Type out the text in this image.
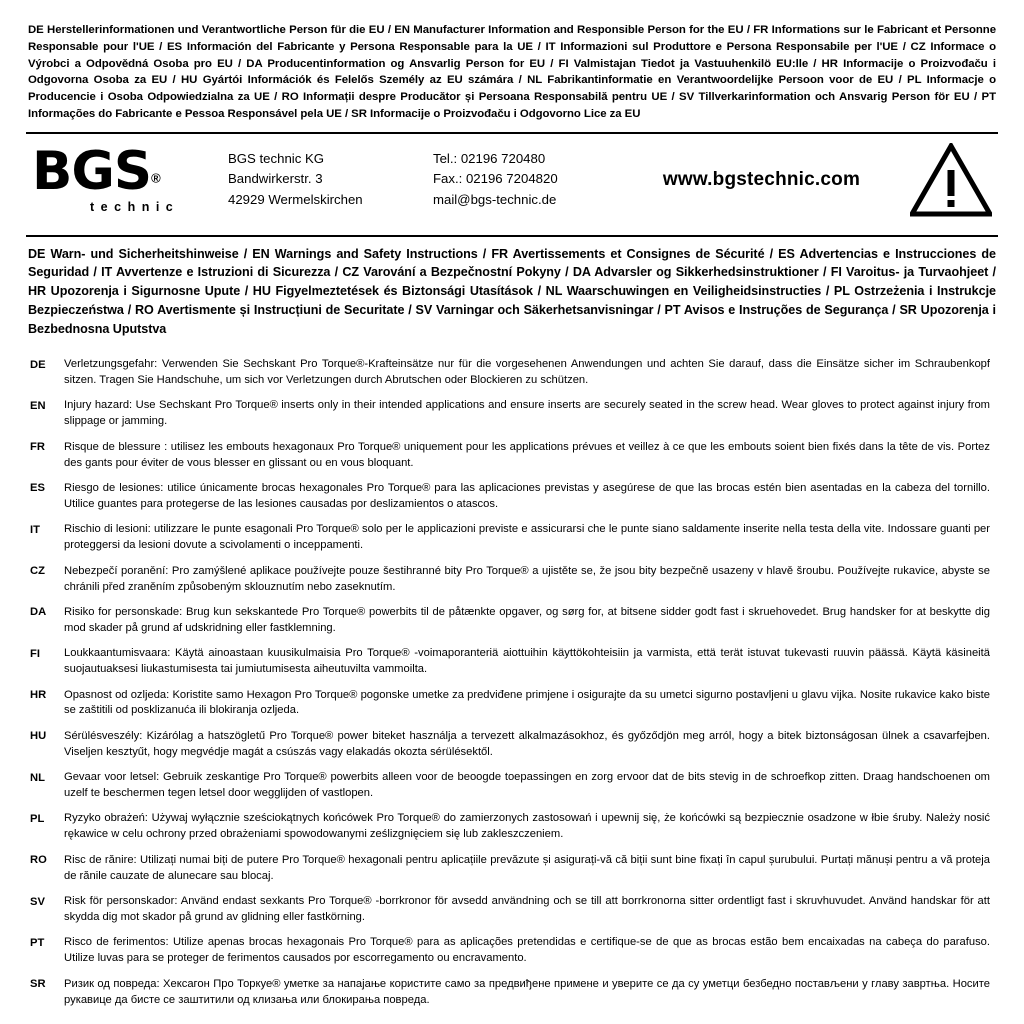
DE Herstellerinformationen und Verantwortliche Person für die EU / EN Manufacturer Information and Responsible Person for the EU / FR Informations sur le Fabricant et Personne Responsable pour l'UE / ES Información del Fabricante y Persona Responsable para la UE / IT Informazioni sul Produttore e Persona Responsabile per l'UE / CZ Informace o Výrobci a Odpovědná Osoba pro EU / DA Producentinformation og Ansvarlig Person for EU / FI Valmistajan Tiedot ja Vastuuhenkilö EU:lle / HR Informacije o Proizvođaču i Odgovorna Osoba za EU / HU Gyártói Információk és Felelős Személy az EU számára / NL Fabrikantinformatie en Verantwoordelijke Persoon voor de EU / PL Informacje o Producencie i Osoba Odpowiedzialna za UE / RO Informații despre Producător și Persoana Responsabilă pentru UE / SV Tillverkarinformation och Ansvarig Person för EU / PT Informações do Fabricante e Pessoa Responsável pela UE / SR Informacije o Proizvođaču i Odgovorno Lice za EU
BGS®
technic
BGS technic KG
Bandwirkerstr. 3
42929 Wermelskirchen
Tel.: 02196 720480
Fax.: 02196 7204820
mail@bgs-technic.de
www.bgstechnic.com
DE Warn- und Sicherheitshinweise / EN Warnings and Safety Instructions / FR Avertissements et Consignes de Sécurité / ES Advertencias e Instrucciones de Seguridad / IT Avvertenze e Istruzioni di Sicurezza / CZ Varování a Bezpečnostní Pokyny / DA Advarsler og Sikkerhedsinstruktioner / FI Varoitus- ja Turvaohjeet / HR Upozorenja i Sigurnosne Upute / HU Figyelmeztetések és Biztonsági Utasítások / NL Waarschuwingen en Veiligheidsinstructies / PL Ostrzeżenia i Instrukcje Bezpieczeństwa / RO Avertismente și Instrucțiuni de Securitate / SV Varningar och Säkerhetsanvisningar / PT Avisos e Instruções de Segurança / SR Upozorenja i Bezbednosna Uputstva
DE	Verletzungsgefahr: Verwenden Sie Sechskant Pro Torque®-Krafteinsätze nur für die vorgesehenen Anwendungen und achten Sie darauf, dass die Einsätze sicher im Schraubenkopf sitzen. Tragen Sie Handschuhe, um sich vor Verletzungen durch Abrutschen oder Blockieren zu schützen.
EN	Injury hazard: Use Sechskant Pro Torque® inserts only in their intended applications and ensure inserts are securely seated in the screw head. Wear gloves to protect against injury from slippage or jamming.
FR	Risque de blessure : utilisez les embouts hexagonaux Pro Torque® uniquement pour les applications prévues et veillez à ce que les embouts soient bien fixés dans la tête de vis. Portez des gants pour éviter de vous blesser en glissant ou en vous bloquant.
ES	Riesgo de lesiones: utilice únicamente brocas hexagonales Pro Torque® para las aplicaciones previstas y asegúrese de que las brocas estén bien asentadas en la cabeza del tornillo. Utilice guantes para protegerse de las lesiones causadas por deslizamientos o atascos.
IT	Rischio di lesioni: utilizzare le punte esagonali Pro Torque® solo per le applicazioni previste e assicurarsi che le punte siano saldamente inserite nella testa della vite. Indossare guanti per proteggersi da lesioni dovute a scivolamenti o inceppamenti.
CZ	Nebezpečí poranění: Pro zamýšlené aplikace používejte pouze šestihranné bity Pro Torque® a ujistěte se, že jsou bity bezpečně usazeny v hlavě šroubu. Používejte rukavice, abyste se chránili před zraněním způsobeným sklouznutím nebo zaseknutím.
DA	Risiko for personskade: Brug kun sekskantede Pro Torque® powerbits til de påtænkte opgaver, og sørg for, at bitsene sidder godt fast i skruehovedet. Brug handsker for at beskytte dig mod skader på grund af udskridning eller fastklemning.
FI	Loukkaantumisvaara: Käytä ainoastaan kuusikulmaisia Pro Torque® -voimaporanteriä aiottuihin käyttökohteisiin ja varmista, että terät istuvat tukevasti ruuvin päässä. Käytä käsineitä suojautuaksesi liukastumisesta tai jumiutumisesta aiheutuvilta vammoilta.
HR	Opasnost od ozljeda: Koristite samo Hexagon Pro Torque® pogonske umetke za predviđene primjene i osigurajte da su umetci sigurno postavljeni u glavu vijka. Nosite rukavice kako biste se zaštitili od posklizanuća ili blokiranja ozljeda.
HU	Sérülésveszély: Kizárólag a hatszögletű Pro Torque® power biteket használja a tervezett alkalmazásokhoz, és győződjön meg arról, hogy a bitek biztonságosan ülnek a csavarfejben. Viseljen kesztyűt, hogy megvédje magát a csúszás vagy elakadás okozta sérülésektől.
NL	Gevaar voor letsel: Gebruik zeskantige Pro Torque® powerbits alleen voor de beoogde toepassingen en zorg ervoor dat de bits stevig in de schroefkop zitten. Draag handschoenen om uzelf te beschermen tegen letsel door wegglijden of vastlopen.
PL	Ryzyko obrażeń: Używaj wyłącznie sześciokątnych końcówek Pro Torque® do zamierzonych zastosowań i upewnij się, że końcówki są bezpiecznie osadzone w łbie śruby. Należy nosić rękawice w celu ochrony przed obrażeniami spowodowanymi ześlizgnięciem się lub zakleszczeniem.
RO	Risc de rănire: Utilizați numai biți de putere Pro Torque® hexagonali pentru aplicațiile prevăzute și asigurați-vă că biții sunt bine fixați în capul șurubului. Purtați mănuși pentru a vă proteja de rănile cauzate de alunecare sau blocaj.
SV	Risk för personskador: Använd endast sexkants Pro Torque® -borrkronor för avsedd användning och se till att borrkronorna sitter ordentligt fast i skruvhuvudet. Använd handskar för att skydda dig mot skador på grund av glidning eller fastkörning.
PT	Risco de ferimentos: Utilize apenas brocas hexagonais Pro Torque® para as aplicações pretendidas e certifique-se de que as brocas estão bem encaixadas na cabeça do parafuso. Utilize luvas para se proteger de ferimentos causados por escorregamento ou encravamento.
SR	Ризик од повреда: Хексагон Про Торкуе® уметке за напајање користите само за предвиђене примене и уверите се да су уметци безбедно постављени у главу завртња. Носите рукавице да бисте се заштитили од клизања или блокирања повреда.
